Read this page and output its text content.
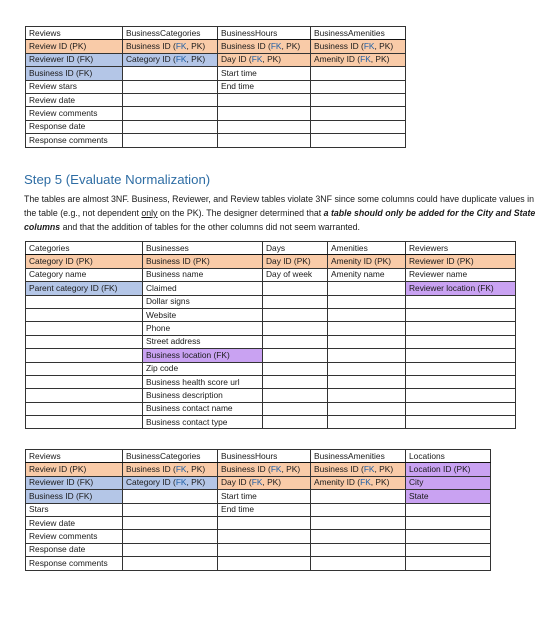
Reviews	BusinessCategories	BusinessHours	BusinessAmenities
Review ID (PK)	Business ID (FK, PK)	Business ID (FK, PK)	Business ID (FK, PK)
Reviewer ID (FK)	Category ID (FK, PK)	Day ID (FK, PK)	Amenity ID (FK, PK)
Business ID (FK)		Start time	
Review stars		End time	
Review date			
Review comments			
Response date			
Response comments			
Step 5 (Evaluate Normalization)

The tables are almost 3NF. Business, Reviewer, and Review tables violate 3NF since some columns could have duplicate values in the table (e.g., not dependent only on the PK). The designer determined that a table should only be added for the City and State columns and that the addition of tables for the other columns did not seem warranted.

Categories	Businesses	Days	Amenities	Reviewers
Category ID (PK)	Business ID (PK)	Day ID (PK)	Amenity ID (PK)	Reviewer ID (PK)
Category name	Business name	Day of week	Amenity name	Reviewer name
Parent category ID (FK)	Claimed			Reviewer location (FK)
	Dollar signs			
	Website			
	Phone			
	Street address			
	Business location (FK)			
	Zip code			
	Business health score url			
	Business description			
	Business contact name			
	Business contact type			
Reviews	BusinessCategories	BusinessHours	BusinessAmenities	Locations
Review ID (PK)	Business ID (FK, PK)	Business ID (FK, PK)	Business ID (FK, PK)	Location ID (PK)
Reviewer ID (FK)	Category ID (FK, PK)	Day ID (FK, PK)	Amenity ID (FK, PK)	City
Business ID (FK)		Start time		State
Stars		End time		
Review date				
Review comments				
Response date				
Response comments				
